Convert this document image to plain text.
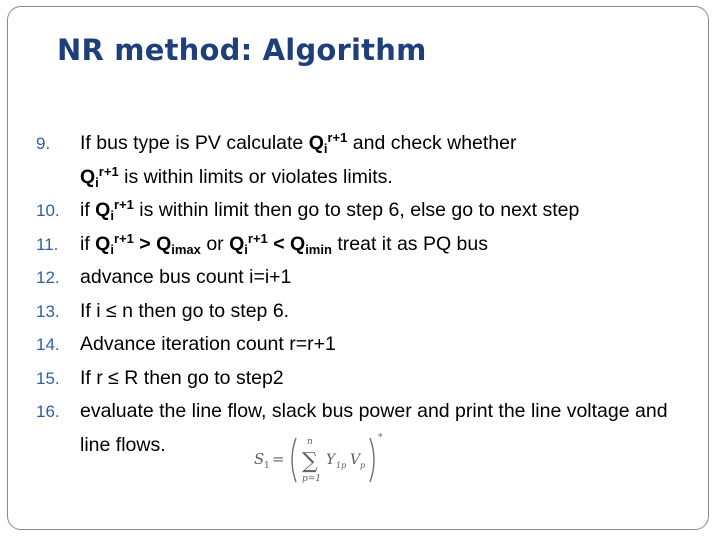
NR method: Algorithm
9.	If bus type is PV calculate $Q_i^{r+1}$ and check whether
$Q_i^{r+1}$ is within limits or violates limits.
10.	if $Q_i^{r+1}$ is within limit then go to step 6, else go to next step
11.	if $Q_i^{r+1} > Q_{imax}$ or $Q_i^{r+1} < Q_{imin}$ treat it as PQ bus
12.	advance bus count i=i+1
13.	If i ≤ n then go to step 6.
14.	Advance iteration count r=r+1
15.	If r ≤ R then go to step2
16.	evaluate the line flow, slack bus power and print the line voltage and line flows.
S 1 =
n
∑
p=1
Y 1p V p
*
